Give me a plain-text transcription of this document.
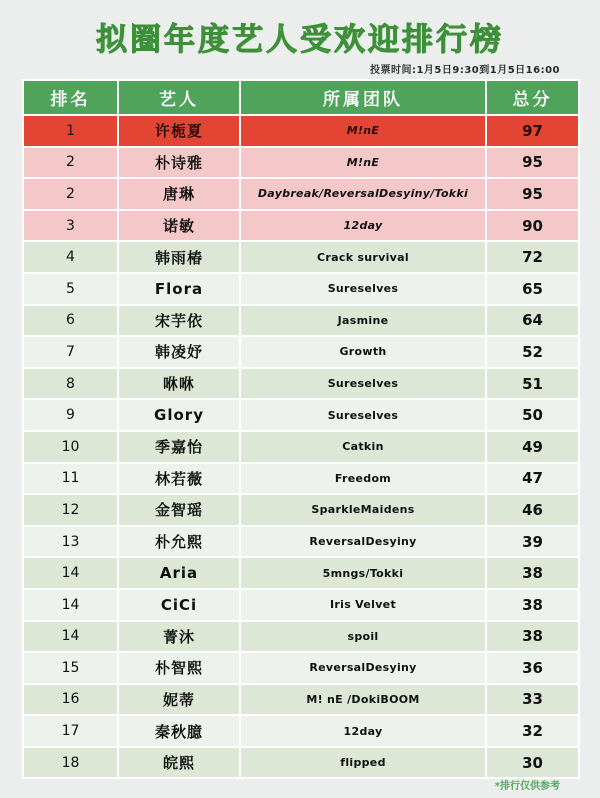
拟圈年度艺人受欢迎排行榜
投票时间:1月5日9:30到1月5日16:00
排名	艺人	所属团队	总分
1	许栀夏	M!nE	97
2	朴诗雅	M!nE	95
2	唐琳	Daybreak/ReversalDesyiny/Tokki	95
3	诺敏	12day	90
4	韩雨椿	Crack survival	72
5	Flora	Sureselves	65
6	宋芋依	Jasmine	64
7	韩凌妤	Growth	52
8	咻咻	Sureselves	51
9	Glory	Sureselves	50
10	季嘉怡	Catkin	49
11	林若薇	Freedom	47
12	金智瑶	SparkleMaidens	46
13	朴允熙	ReversalDesyiny	39
14	Aria	5mngs/Tokki	38
14	CiCi	Iris Velvet	38
14	菁沐	spoil	38
15	朴智熙	ReversalDesyiny	36
16	妮蒂	M! nE /DokiBOOM	33
17	秦秋臆	12day	32
18	皖熙	flipped	30
*排行仅供参考
